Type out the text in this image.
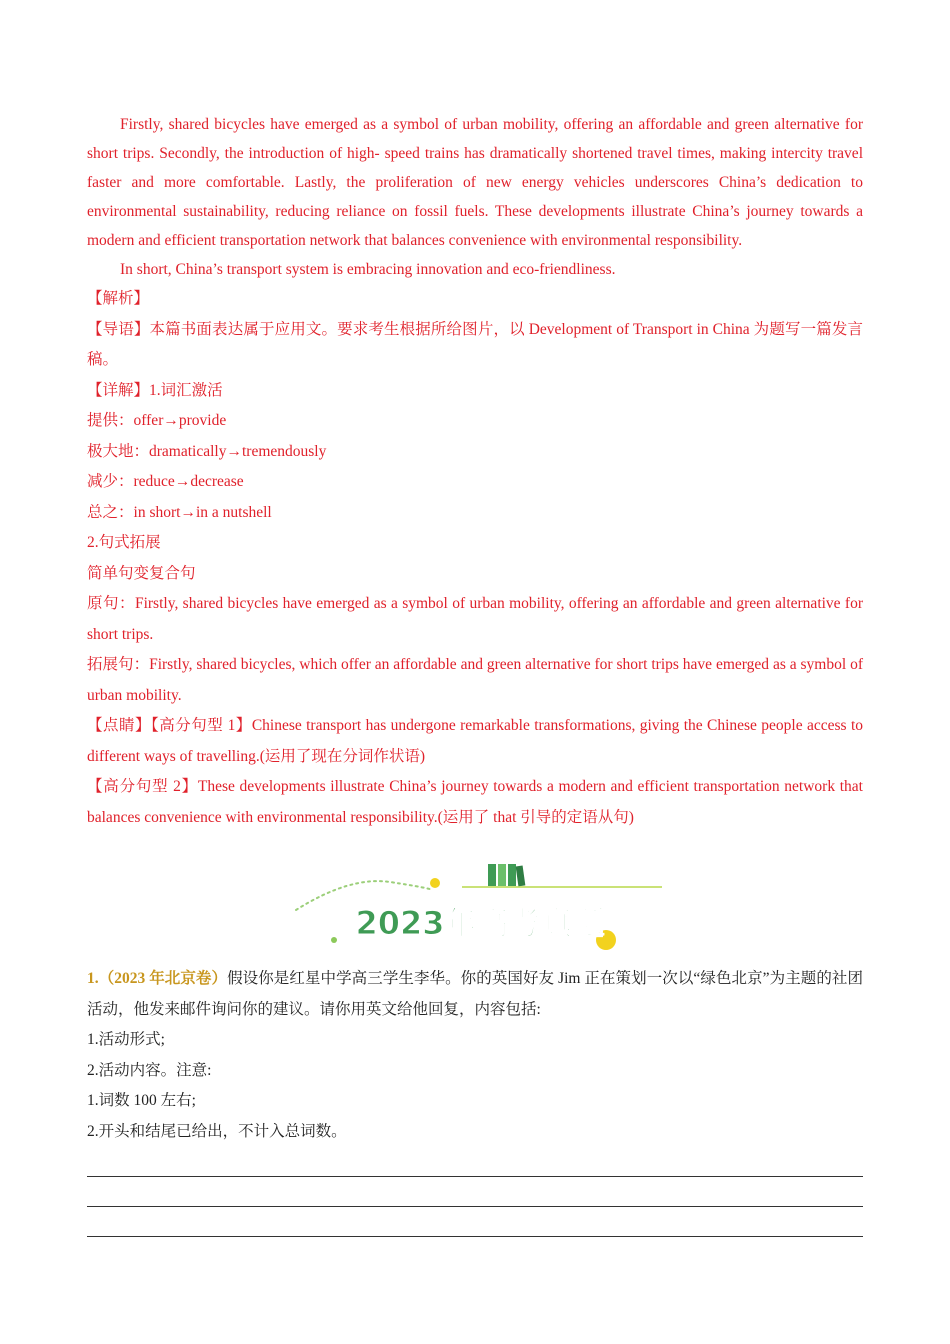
Firstly, shared bicycles have emerged as a symbol of urban mobility, offering an affordable and green alternative for short trips. Secondly, the introduction of high- speed trains has dramatically shortened travel times, making intercity travel faster and more comfortable. Lastly, the proliferation of new energy vehicles underscores China’s dedication to environmental sustainability, reducing reliance on fossil fuels. These developments illustrate China’s journey towards a modern and efficient transportation network that balances convenience with environmental responsibility.

In short, China’s transport system is embracing innovation and eco-friendliness.

【解析】

【导语】本篇书面表达属于应用文。要求考生根据所给图片，以 Development of Transport in China 为题写一篇发言稿。

【详解】1.词汇激活

提供：offer→provide

极大地：dramatically→tremendously

减少：reduce→decrease

总之：in short→in a nutshell

2.句式拓展

简单句变复合句

原句：Firstly, shared bicycles have emerged as a symbol of urban mobility, offering an affordable and green alternative for short trips.

拓展句：Firstly, shared bicycles, which offer an affordable and green alternative for short trips have emerged as a symbol of urban mobility.

【点睛】【高分句型 1】Chinese transport has undergone remarkable transformations, giving the Chinese people access to different ways of travelling.(运用了现在分词作状语)

【高分句型 2】These developments illustrate China’s journey towards a modern and efficient transportation network that balances convenience with environmental responsibility.(运用了 that 引导的定语从句)

2023年高考真题

1.（2023 年北京卷）假设你是红星中学高三学生李华。你的英国好友 Jim 正在策划一次以“绿色北京”为主题的社团活动，他发来邮件询问你的建议。请你用英文给他回复，内容包括:

1.活动形式;

2.活动内容。注意:

1.词数 100 左右;

2.开头和结尾已给出，不计入总词数。
